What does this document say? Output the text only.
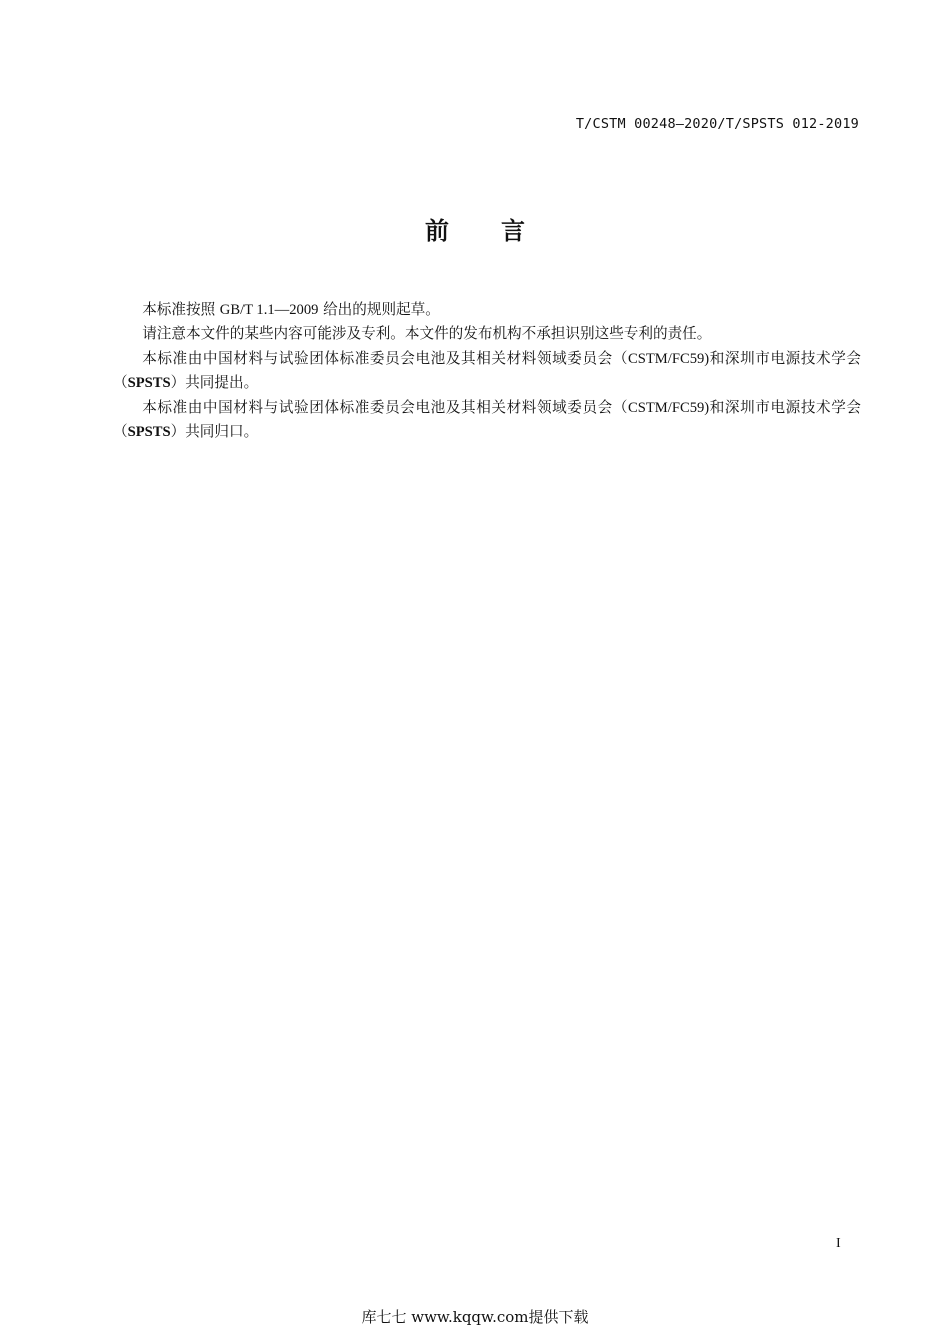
T/CSTM 00248—2020/T/SPSTS 012-2019
前 言

本标准按照 GB/T 1.1—2009 给出的规则起草。

请注意本文件的某些内容可能涉及专利。本文件的发布机构不承担识别这些专利的责任。

本标准由中国材料与试验团体标准委员会电池及其相关材料领域委员会（CSTM/FC59)和深圳市电源技术学会（SPSTS）共同提出。

本标准由中国材料与试验团体标准委员会电池及其相关材料领域委员会（CSTM/FC59)和深圳市电源技术学会（SPSTS）共同归口。

I
库七七 www.kqqw.com提供下载
